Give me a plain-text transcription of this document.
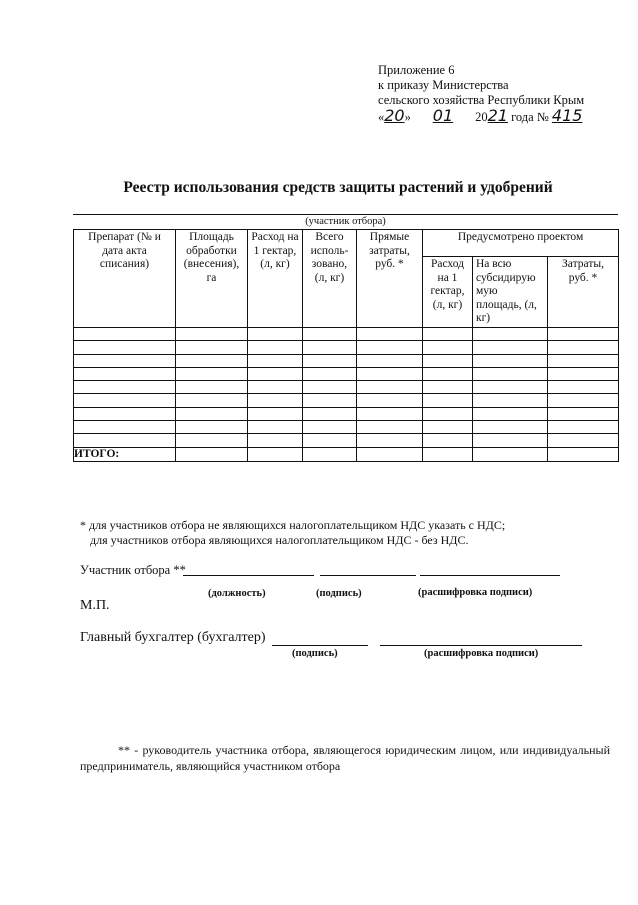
Приложение 6
к приказу Министерства
сельского хозяйства Республики Крым
«20» 01 2021 года № 415
Реестр использования средств защиты растений и удобрений
(участник отбора)
Препарат (№ и дата акта списания)	Площадь обработки (внесения), га	Расход на 1 гектар, (л, кг)	Всего исполь-зовано, (л, кг)	Прямые затраты, руб. *	Предусмотрено проектом		
					Расход на 1 гектар, (л, кг)	На всю субсидирую мую площадь, (л, кг)	Затраты, руб. *

ИТОГО:							
* для участников отбора не являющихся налогоплательщиком НДС указать с НДС;
для участников отбора являющихся налогоплательщиком НДС - без НДС.
Участник отбора **
(должность)	(подпись)	(расшифровка подписи)
М.П.
Главный бухгалтер (бухгалтер)
(подпись)	(расшифровка подписи)
** - руководитель участника отбора, являющегося юридическим лицом, или индивидуальный предприниматель, являющийся участником отбора
